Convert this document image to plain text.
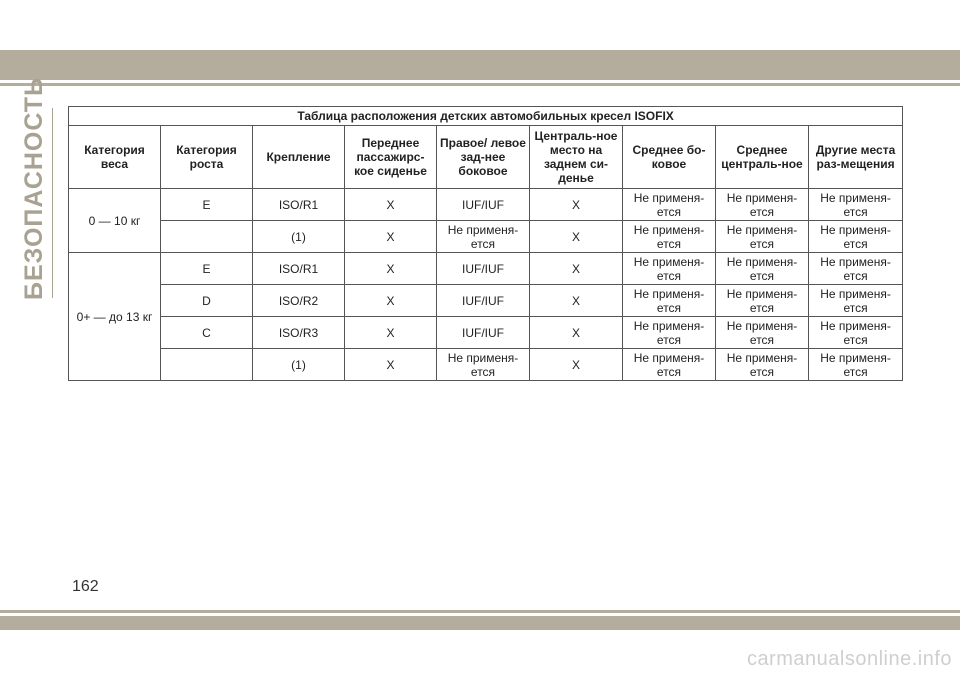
БЕЗОПАСНОСТЬ	Таблица расположения детских автомобильных кресел ISOFIX								
Категория веса	Категория роста	Крепление	Переднее пассажирс-кое сиденье	Правое/ левое зад-нее боковое	Централь-ное место на заднем си-денье	Среднее бо-ковое	Среднее централь-ное	Другие места раз-мещения
0 — 10 кг	E	ISO/R1	X	IUF/IUF	X	Не применя-ется	Не применя-ется	Не применя-ется
		(1)	X	Не применя-ется	X	Не применя-ется	Не применя-ется	Не применя-ется
0+ — до 13 кг	E	ISO/R1	X	IUF/IUF	X	Не применя-ется	Не применя-ется	Не применя-ется
	D	ISO/R2	X	IUF/IUF	X	Не применя-ется	Не применя-ется	Не применя-ется
	C	ISO/R3	X	IUF/IUF	X	Не применя-ется	Не применя-ется	Не применя-ется
		(1)	X	Не применя-ется	X	Не применя-ется	Не применя-ется	Не применя-ется
162
carmanualsonline.info
